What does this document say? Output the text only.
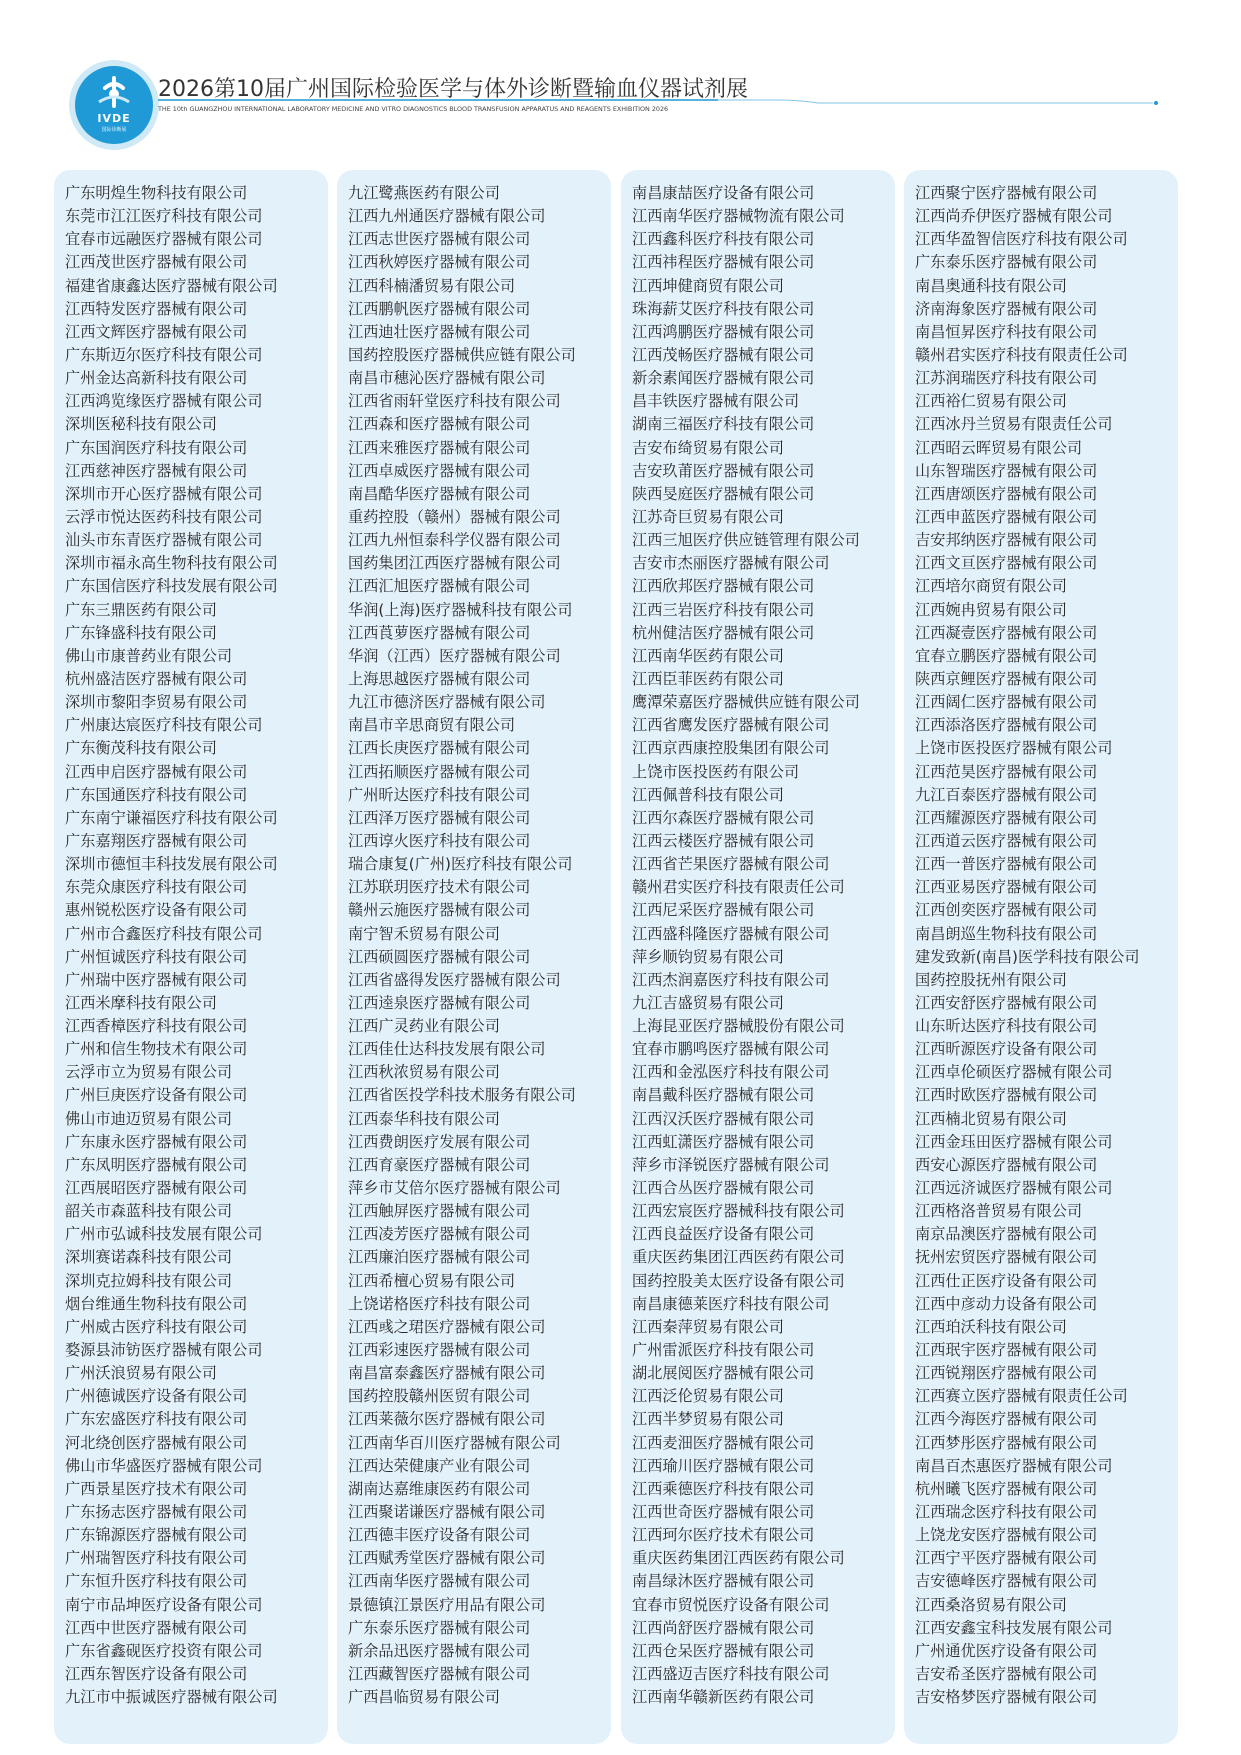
IVDE
国际诊断展
2026第10届广州国际检验医学与体外诊断暨输血仪器试剂展
THE 10th GUANGZHOU INTERNATIONAL LABORATORY MEDICINE AND VITRO DIAGNOSTICS BLOOD TRANSFUSION APPARATUS AND REAGENTS EXHIBITION 2026
广东明煌生物科技有限公司
东莞市江江医疗科技有限公司
宜春市远融医疗器械有限公司
江西茂世医疗器械有限公司
福建省康鑫达医疗器械有限公司
江西特发医疗器械有限公司
江西文辉医疗器械有限公司
广东斯迈尔医疗科技有限公司
广州金达高新科技有限公司
江西鸿览缘医疗器械有限公司
深圳医秘科技有限公司
广东国润医疗科技有限公司
江西慈神医疗器械有限公司
深圳市开心医疗器械有限公司
云浮市悦达医药科技有限公司
汕头市东青医疗器械有限公司
深圳市福永高生物科技有限公司
广东国信医疗科技发展有限公司
广东三鼎医药有限公司
广东锋盛科技有限公司
佛山市康普药业有限公司
杭州盛洁医疗器械有限公司
深圳市黎阳李贸易有限公司
广州康达宸医疗科技有限公司
广东衡茂科技有限公司
江西申启医疗器械有限公司
广东国通医疗科技有限公司
广东南宁谦福医疗科技有限公司
广东嘉翔医疗器械有限公司
深圳市德恒丰科技发展有限公司
东莞众康医疗科技有限公司
惠州锐松医疗设备有限公司
广州市合鑫医疗科技有限公司
广州恒诚医疗科技有限公司
广州瑞中医疗器械有限公司
江西米摩科技有限公司
江西香樟医疗科技有限公司
广州和信生物技术有限公司
云浮市立为贸易有限公司
广州巨庚医疗设备有限公司
佛山市迪迈贸易有限公司
广东康永医疗器械有限公司
广东凤明医疗器械有限公司
江西展昭医疗器械有限公司
韶关市森蓝科技有限公司
广州市弘诚科技发展有限公司
深圳赛诺森科技有限公司
深圳克拉姆科技有限公司
烟台维通生物科技有限公司
广州威古医疗科技有限公司
婺源县沛钫医疗器械有限公司
广州沃浪贸易有限公司
广州德诚医疗设备有限公司
广东宏盛医疗科技有限公司
河北绕创医疗器械有限公司
佛山市华盛医疗器械有限公司
广西景星医疗技术有限公司
广东扬志医疗器械有限公司
广东锦源医疗器械有限公司
广州瑞智医疗科技有限公司
广东恒升医疗科技有限公司
南宁市品坤医疗设备有限公司
江西中世医疗器械有限公司
广东省鑫砚医疗投资有限公司
江西东智医疗设备有限公司
九江市中振诚医疗器械有限公司
九江鹭燕医药有限公司
江西九州通医疗器械有限公司
江西志世医疗器械有限公司
江西秋婷医疗器械有限公司
江西科楠潘贸易有限公司
江西鹏帆医疗器械有限公司
江西迪壮医疗器械有限公司
国药控股医疗器械供应链有限公司
南昌市穗沁医疗器械有限公司
江西省雨轩堂医疗科技有限公司
江西森和医疗器械有限公司
江西来雅医疗器械有限公司
江西卓威医疗器械有限公司
南昌酷华医疗器械有限公司
重药控股（赣州）器械有限公司
江西九州恒泰科学仪器有限公司
国药集团江西医疗器械有限公司
江西汇旭医疗器械有限公司
华润(上海)医疗器械科技有限公司
江西莨萝医疗器械有限公司
华润（江西）医疗器械有限公司
上海思越医疗器械有限公司
九江市德济医疗器械有限公司
南昌市辛思商贸有限公司
江西长庚医疗器械有限公司
江西拓顺医疗器械有限公司
广州昕达医疗科技有限公司
江西泽万医疗器械有限公司
江西谆火医疗科技有限公司
瑞合康复(广州)医疗科技有限公司
江苏联玥医疗技术有限公司
赣州云施医疗器械有限公司
南宁智禾贸易有限公司
江西硕圆医疗器械有限公司
江西省盛得发医疗器械有限公司
江西逵泉医疗器械有限公司
江西广灵药业有限公司
江西佳仕达科技发展有限公司
江西秋浓贸易有限公司
江西省医投学科技术服务有限公司
江西泰华科技有限公司
江西费朗医疗发展有限公司
江西育豪医疗器械有限公司
萍乡市艾倍尔医疗器械有限公司
江西触屏医疗器械有限公司
江西凌芳医疗器械有限公司
江西廉泊医疗器械有限公司
江西希檀心贸易有限公司
上饶诺格医疗科技有限公司
江西彧之珺医疗器械有限公司
江西彩速医疗器械有限公司
南昌富泰鑫医疗器械有限公司
国药控股赣州医贸有限公司
江西莱薇尔医疗器械有限公司
江西南华百川医疗器械有限公司
江西达荣健康产业有限公司
湖南达嘉维康医药有限公司
江西聚诺谦医疗器械有限公司
江西德丰医疗设备有限公司
江西赋秀堂医疗器械有限公司
江西南华医疗器械有限公司
景德镇江景医疗用品有限公司
广东泰乐医疗器械有限公司
新余品迅医疗器械有限公司
江西藏智医疗器械有限公司
广西昌临贸易有限公司
南昌康喆医疗设备有限公司
江西南华医疗器械物流有限公司
江西鑫科医疗科技有限公司
江西祎程医疗器械有限公司
江西坤健商贸有限公司
珠海薪艾医疗科技有限公司
江西鸿鹏医疗器械有限公司
江西茂畅医疗器械有限公司
新余素闻医疗器械有限公司
昌丰铁医疗器械有限公司
湖南三福医疗科技有限公司
吉安布绮贸易有限公司
吉安玖莆医疗器械有限公司
陕西旻庭医疗器械有限公司
江苏奇巨贸易有限公司
江西三旭医疗供应链管理有限公司
吉安市杰丽医疗器械有限公司
江西欣邦医疗器械有限公司
江西三岩医疗科技有限公司
杭州健洁医疗器械有限公司
江西南华医药有限公司
江西臣菲医药有限公司
鹰潭荣嘉医疗器械供应链有限公司
江西省鹰发医疗器械有限公司
江西京西康控股集团有限公司
上饶市医投医药有限公司
江西佩普科技有限公司
江西尔森医疗器械有限公司
江西云楼医疗器械有限公司
江西省芒果医疗器械有限公司
赣州君实医疗科技有限责任公司
江西尼采医疗器械有限公司
江西盛科隆医疗器械有限公司
萍乡顺钧贸易有限公司
江西杰润嘉医疗科技有限公司
九江吉盛贸易有限公司
上海昆亚医疗器械股份有限公司
宜春市鹏鸣医疗器械有限公司
江西和金泓医疗科技有限公司
南昌戴科医疗器械有限公司
江西汉沃医疗器械有限公司
江西虹潇医疗器械有限公司
萍乡市泽锐医疗器械有限公司
江西合丛医疗器械有限公司
江西宏宸医疗器械科技有限公司
江西良益医疗设备有限公司
重庆医药集团江西医药有限公司
国药控股美太医疗设备有限公司
南昌康德莱医疗科技有限公司
江西秦萍贸易有限公司
广州雷派医疗科技有限公司
湖北展阅医疗器械有限公司
江西泛伦贸易有限公司
江西半梦贸易有限公司
江西麦沺医疗器械有限公司
江西瑜川医疗器械有限公司
江西乘德医疗科技有限公司
江西世奇医疗器械有限公司
江西珂尔医疗技术有限公司
重庆医药集团江西医药有限公司
南昌绿沐医疗器械有限公司
宜春市贸悦医疗设备有限公司
江西尚舒医疗器械有限公司
江西仓呆医疗器械有限公司
江西盛迈吉医疗科技有限公司
江西南华赣新医药有限公司
江西聚宁医疗器械有限公司
江西尚乔伊医疗器械有限公司
江西华盈智信医疗科技有限公司
广东泰乐医疗器械有限公司
南昌奥通科技有限公司
济南海象医疗器械有限公司
南昌恒昇医疗科技有限公司
赣州君实医疗科技有限责任公司
江苏润瑞医疗科技有限公司
江西裕仁贸易有限公司
江西冰丹兰贸易有限责任公司
江西昭云晖贸易有限公司
山东智瑞医疗器械有限公司
江西唐颂医疗器械有限公司
江西申蓝医疗器械有限公司
吉安邦纳医疗器械有限公司
江西文亘医疗器械有限公司
江西培尔商贸有限公司
江西婉冉贸易有限公司
江西凝壹医疗器械有限公司
宜春立鹏医疗器械有限公司
陕西京鲤医疗器械有限公司
江西阔仁医疗器械有限公司
江西添洛医疗器械有限公司
上饶市医投医疗器械有限公司
江西范昊医疗器械有限公司
九江百泰医疗器械有限公司
江西耀源医疗器械有限公司
江西道云医疗器械有限公司
江西一普医疗器械有限公司
江西亚易医疗器械有限公司
江西创奕医疗器械有限公司
南昌朗巡生物科技有限公司
建发致新(南昌)医学科技有限公司
国药控股抚州有限公司
江西安舒医疗器械有限公司
山东昕达医疗科技有限公司
江西昕源医疗设备有限公司
江西卓伦硕医疗器械有限公司
江西时欧医疗器械有限公司
江西楠北贸易有限公司
江西金珏田医疗器械有限公司
西安心源医疗器械有限公司
江西远济诚医疗器械有限公司
江西格洛普贸易有限公司
南京品澳医疗器械有限公司
抚州宏贸医疗器械有限公司
江西仕正医疗设备有限公司
江西中彦动力设备有限公司
江西珀沃科技有限公司
江西珉宇医疗器械有限公司
江西锐翔医疗器械有限公司
江西赛立医疗器械有限责任公司
江西今海医疗器械有限公司
江西梦彤医疗器械有限公司
南昌百杰惠医疗器械有限公司
杭州曦飞医疗器械有限公司
江西瑞念医疗科技有限公司
上饶龙安医疗器械有限公司
江西宁平医疗器械有限公司
吉安德峰医疗器械有限公司
江西桑洛贸易有限公司
江西安鑫宝科技发展有限公司
广州通优医疗设备有限公司
吉安希圣医疗器械有限公司
吉安格梦医疗器械有限公司
